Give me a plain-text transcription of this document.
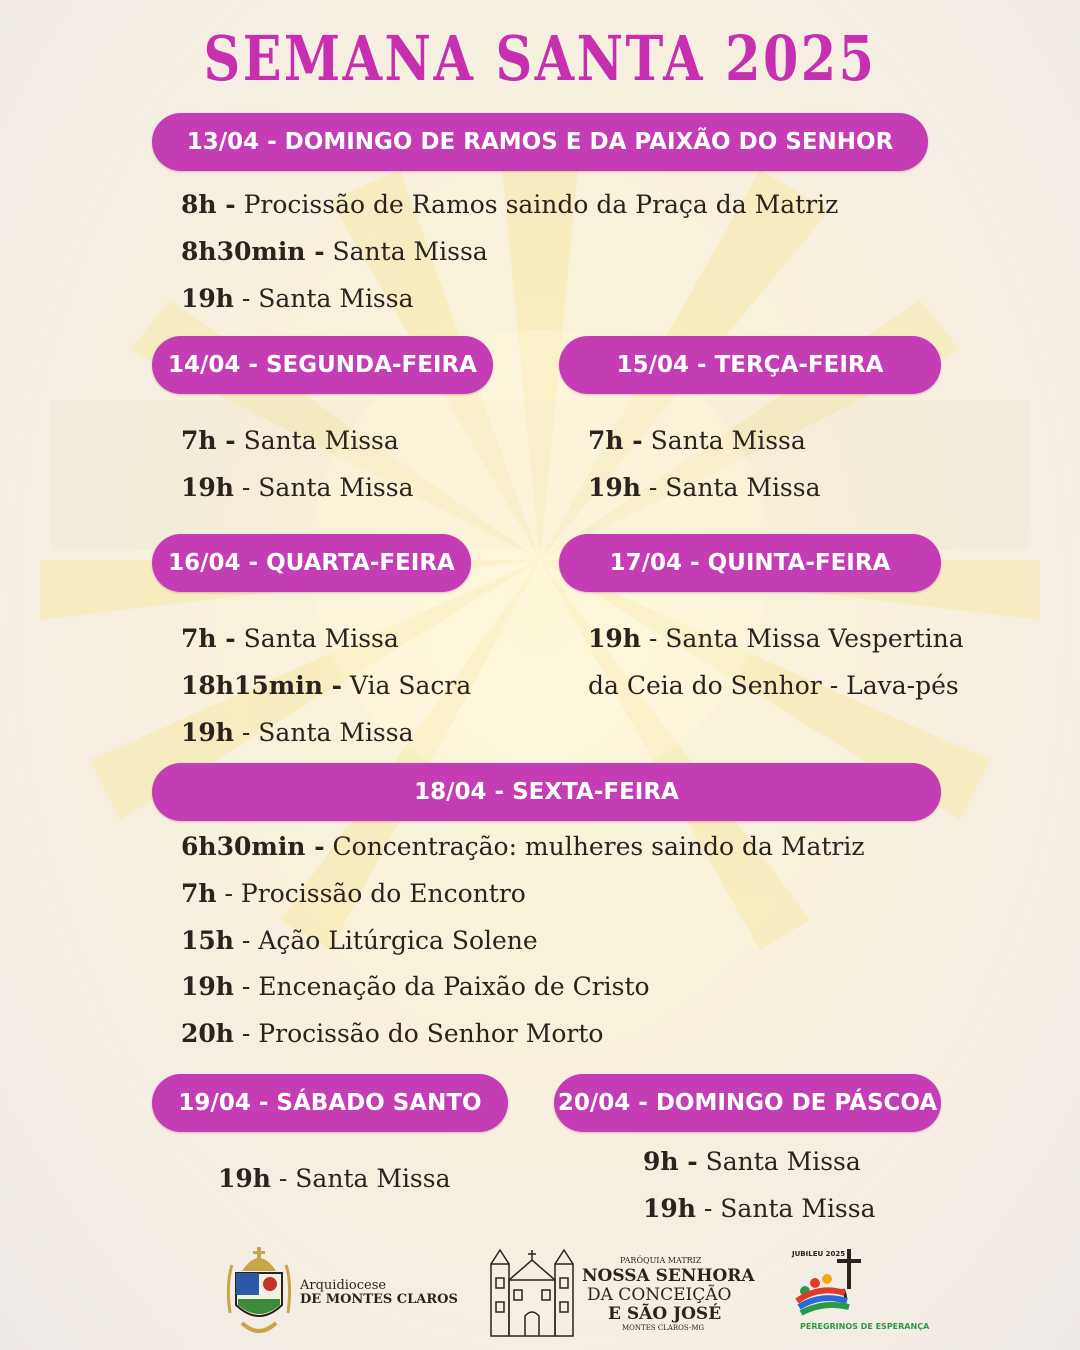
SEMANA SANTA 2025
13/04 - DOMINGO DE RAMOS E DA PAIXÃO DO SENHOR
8h - Procissão de Ramos saindo da Praça da Matriz
8h30min - Santa Missa
19h - Santa Missa
14/04 - SEGUNDA-FEIRA
7h - Santa Missa
19h - Santa Missa
15/04 - TERÇA-FEIRA
7h - Santa Missa
19h - Santa Missa
16/04 - QUARTA-FEIRA
7h - Santa Missa
18h15min - Via Sacra
19h - Santa Missa
17/04 - QUINTA-FEIRA
19h - Santa Missa Vespertina
da Ceia do Senhor - Lava-pés
18/04 - SEXTA-FEIRA
6h30min - Concentração: mulheres saindo da Matriz
7h - Procissão do Encontro
15h - Ação Litúrgica Solene
19h - Encenação da Paixão de Cristo
20h - Procissão do Senhor Morto
19/04 - SÁBADO SANTO
19h - Santa Missa
20/04 - DOMINGO DE PÁSCOA
9h - Santa Missa
19h - Santa Missa
Arquidiocese
DE MONTES CLAROS
PARÓQUIA MATRIZ
NOSSA SENHORA
DA CONCEIÇÃO
E SÃO JOSÉ
MONTES CLAROS-MG
JUBILEU 2025
PEREGRINOS DE ESPERANÇA
